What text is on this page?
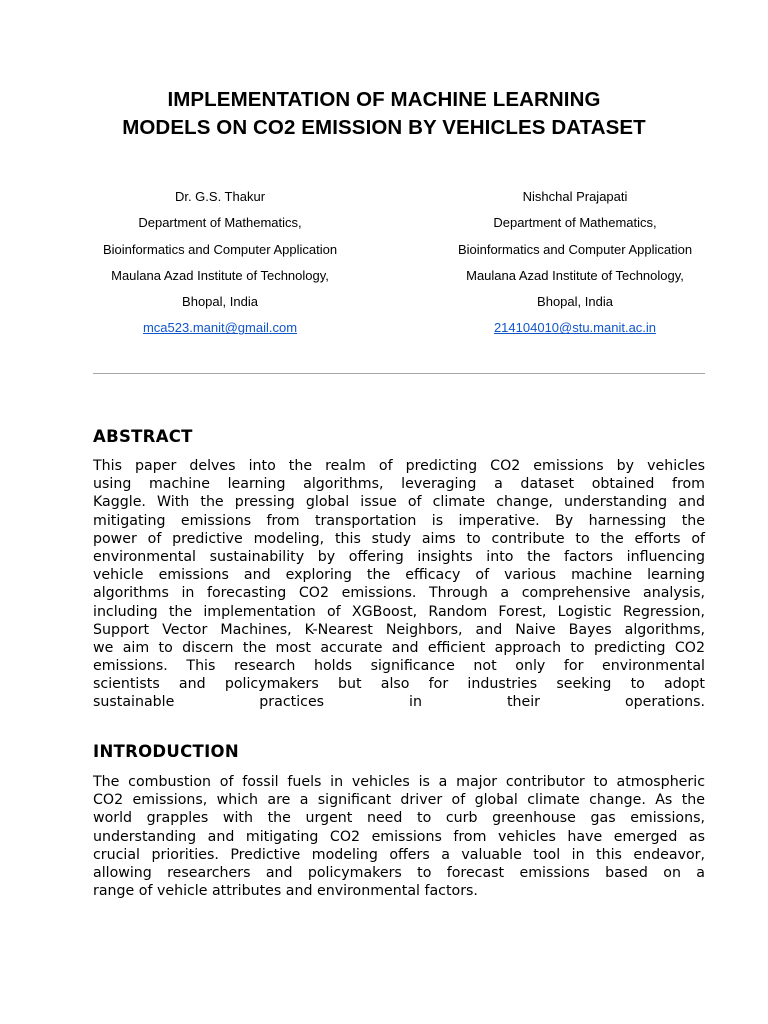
IMPLEMENTATION OF MACHINE LEARNING
MODELS ON CO2 EMISSION BY VEHICLES DATASET
Dr. G.S. Thakur
Department of Mathematics,
Bioinformatics and Computer Application
Maulana Azad Institute of Technology,
Bhopal, India
mca523.manit@gmail.com
Nishchal Prajapati
Department of Mathematics,
Bioinformatics and Computer Application
Maulana Azad Institute of Technology,
Bhopal, India
214104010@stu.manit.ac.in
ABSTRACT
This paper delves into the realm of predicting CO2 emissions by vehicles
using machine learning algorithms, leveraging a dataset obtained from
Kaggle. With the pressing global issue of climate change, understanding and
mitigating emissions from transportation is imperative. By harnessing the
power of predictive modeling, this study aims to contribute to the efforts of
environmental sustainability by offering insights into the factors influencing
vehicle emissions and exploring the efficacy of various machine learning
algorithms in forecasting CO2 emissions. Through a comprehensive analysis,
including the implementation of XGBoost, Random Forest, Logistic Regression,
Support Vector Machines, K-Nearest Neighbors, and Naive Bayes algorithms,
we aim to discern the most accurate and efficient approach to predicting CO2
emissions. This research holds significance not only for environmental
scientists and policymakers but also for industries seeking to adopt
sustainable practices in their operations.
INTRODUCTION
The combustion of fossil fuels in vehicles is a major contributor to atmospheric
CO2 emissions, which are a significant driver of global climate change. As the
world grapples with the urgent need to curb greenhouse gas emissions,
understanding and mitigating CO2 emissions from vehicles have emerged as
crucial priorities. Predictive modeling offers a valuable tool in this endeavor,
allowing researchers and policymakers to forecast emissions based on a
range of vehicle attributes and environmental factors.
